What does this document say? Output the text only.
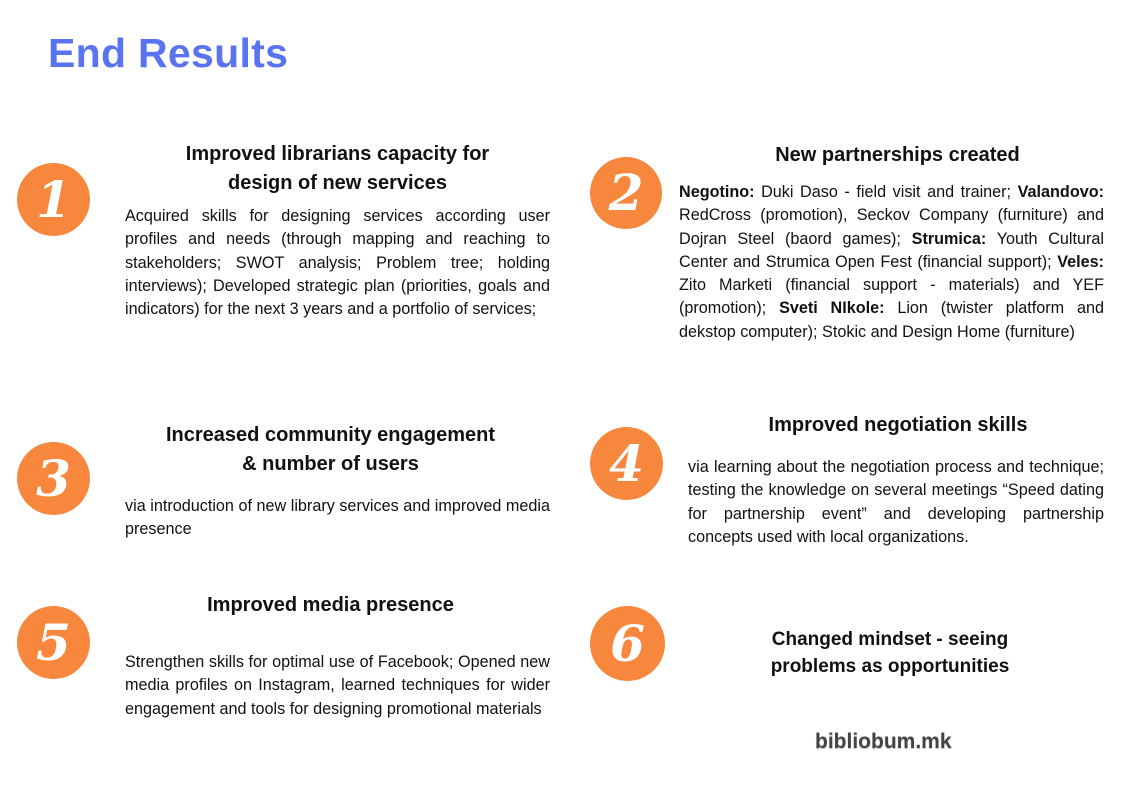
End Results
1
Improved librarians capacity for
design of new services
Acquired skills for designing services according user profiles and needs (through mapping and reaching to stakeholders; SWOT analysis; Problem tree; holding interviews); Developed strategic plan (priorities, goals and indicators) for the next 3 years and a portfolio of services;
2
New partnerships created
Negotino: Duki Daso - field visit and trainer; Valandovo: RedCross (promotion), Seckov Company (furniture) and Dojran Steel (baord games); Strumica: Youth Cultural Center and Strumica Open Fest (financial support); Veles: Zito Marketi (financial support - materials) and YEF (promotion); Sveti NIkole: Lion (twister platform and dekstop computer); Stokic and Design Home (furniture)
3
Increased community engagement
& number of users
via introduction of new library services and improved media presence
4
Improved negotiation skills
via learning about the negotiation process and technique; testing the knowledge on several meetings “Speed dating for partnership event” and developing partnership concepts used with local organizations.
5
Improved media presence
Strengthen skills for optimal use of Facebook; Opened new media profiles on Instagram, learned techniques for wider engagement and tools for designing promotional materials
6	Changed mindset - seeing
problems as opportunities
bibliobum.mk
